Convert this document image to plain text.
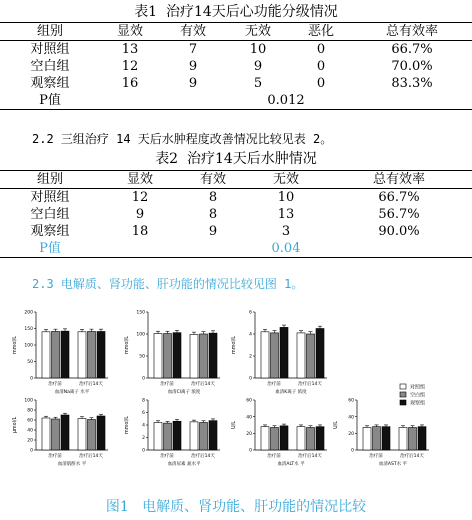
表1  治疗14天后心功能分级情况
组别	显效	有效	无效	恶化	总有效率
对照组	13	7	10	0	66.7%
空白组	12	9	9	0	70.0%
观察组	16	9	5	0	83.3%
P值	0.012				
2.2 三组治疗 14 天后水肿程度改善情况比较见表 2。
表2  治疗14天后水肿情况
组别	显效	有效	无效	总有效率
对照组	12	8	10	66.7%
空白组	9	8	13	56.7%
观察组	18	9	3	90.0%
P值	0.04			
2.3 电解质、肾功能、肝功能的情况比较见图 1。
0
50
100
150
200
mmol/L
治疗前	治疗后14天
血清Na离子 水平
0
50
100
150
mmol/L
治疗前	治疗后14天
血清Cl离子 浓度
0
2
4
6
mmol/L
治疗前	治疗后14天
血清K离子 浓度
0
20
40
60
80
100
μmol/L
治疗前	治疗后14天
血清肌酐水 平
0
2
4
6
8
mmol/L
治疗前	治疗后14天
血清尿素 氮水平
0
20
40
60
U/L
治疗前	治疗后14天
血清ALT水 平
0
20
40
60
U/L
治疗前	治疗后14天
血清AST水 平
对照组
空白组
观察组
图1   电解质、肾功能、肝功能的情况比较
